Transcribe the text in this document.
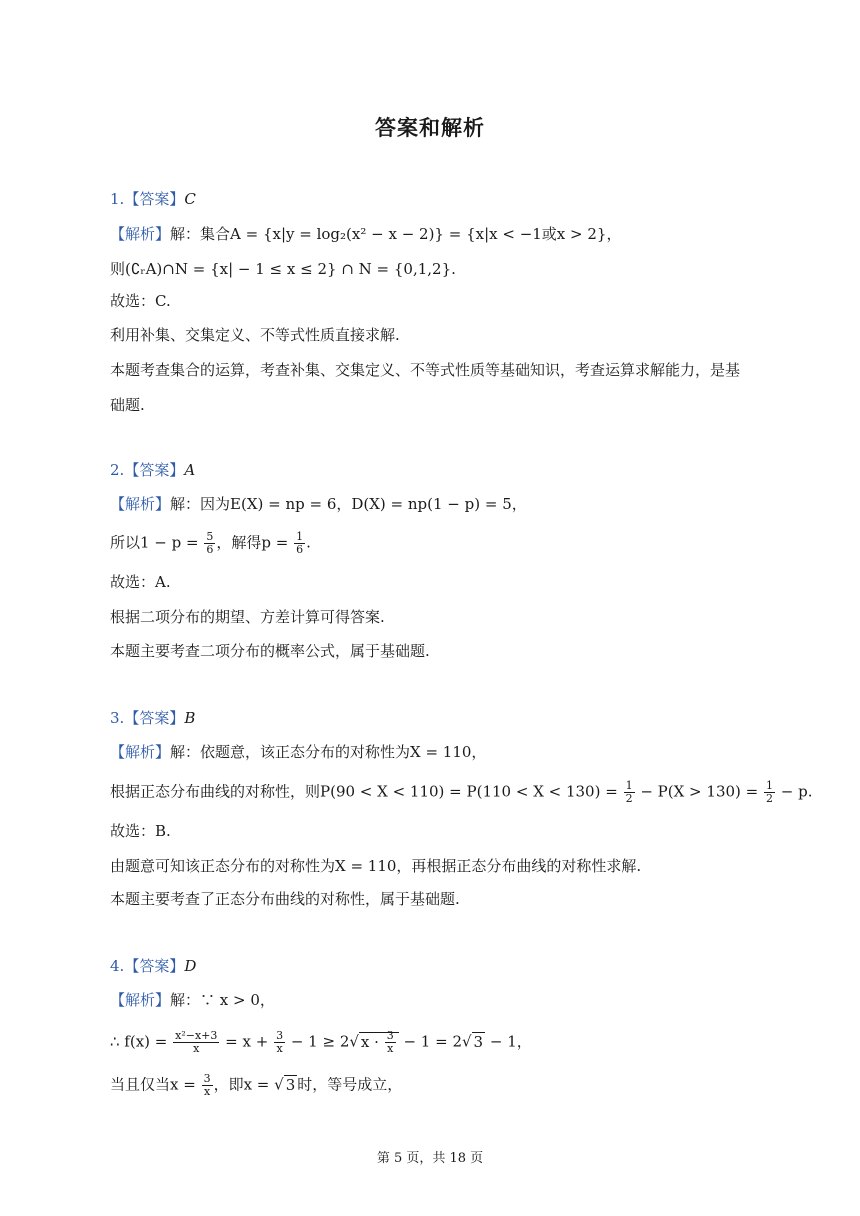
答案和解析
1.【答案】C
【解析】解：集合A = {x|y = log₂(x² − x − 2)} = {x|x < −1或x > 2}，
则(∁ᵣA)∩N = {x| − 1 ≤ x ≤ 2} ∩ N = {0,1,2}.
故选：C.
利用补集、交集定义、不等式性质直接求解.
本题考查集合的运算，考查补集、交集定义、不等式性质等基础知识，考查运算求解能力，是基
础题.
2.【答案】A
【解析】解：因为E(X) = np = 6，D(X) = np(1 − p) = 5，
所以$1 - p = \frac{5}{6}$ ，解得$p = \frac{1}{6}$ .
故选：A.
根据二项分布的期望、方差计算可得答案.
本题主要考查二项分布的概率公式，属于基础题.
3.【答案】B
【解析】解：依题意，该正态分布的对称性为X = 110，
根据正态分布曲线的对称性，则$P(90 < X < 110) = P(110 < X < 130) = \frac{1}{2} - P(X > 130) = \frac{1}{2} - p$.
故选：B.
由题意可知该正态分布的对称性为X = 110，再根据正态分布曲线的对称性求解.
本题主要考查了正态分布曲线的对称性，属于基础题.
4.【答案】D
【解析】解：∵ x > 0，
∴ $f(x) = \frac{\text{x²−x+3}}{x} = x + \frac{3}{x} - 1 \ge 2√$ $x \cdot \frac{3}{x} - 1 = 2√$ 3 − 1，
当且仅当$x = \frac{3}{x}$ ，即x = √ 3 时，等号成立，
第 5 页，共 18 页
